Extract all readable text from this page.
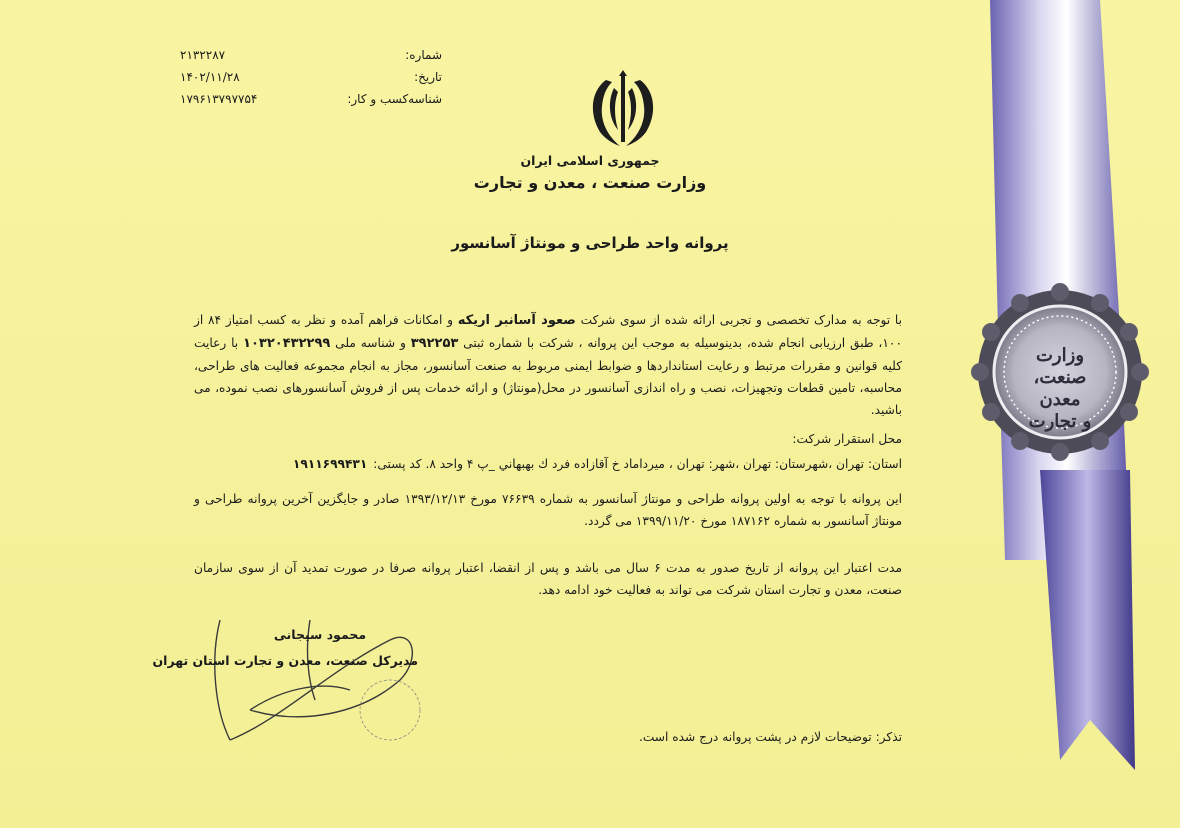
وزارت
صنعت، معدن
و تجارت
شماره:
۲۱۳۲۲۸۷
تاریخ:
۱۴۰۲/۱۱/۲۸
شناسه‌کسب و کار:
۱۷۹۶۱۳۷۹۷۷۵۴
جمهوری اسلامی ایران
وزارت صنعت ، معدن و تجارت
پروانه واحد طراحی و مونتاژ آسانسور
با توجه به مدارک تخصصی و تجربی ارائه شده از سوی شرکت صعود آسانبر اریکه و امکانات فراهم آمده و نظر به کسب امتیاز ۸۴ از ۱۰۰، طبق ارزیابی انجام شده، بدینوسیله به موجب این پروانه ، شرکت با شماره ثبتی ۳۹۲۲۵۳ و شناسه ملی ۱۰۳۲۰۴۳۲۲۹۹ با رعایت کلیه قوانین و مقررات مرتبط و رعایت استانداردها و ضوابط ایمنی مربوط به صنعت آسانسور، مجاز به انجام مجموعه فعالیت های طراحی، محاسبه، تامین قطعات وتجهیزات، نصب و راه اندازی آسانسور در محل(مونتاژ) و ارائه خدمات پس از فروش آسانسورهای نصب نموده، می باشید.
محل استقرار شرکت:
استان: تهران ،شهرستان: تهران ،شهر: تهران ، ميرداماد خ آقازاده فرد ك بهبهاني _پ ۴ واحد ۸. كد پستی:۱۹۱۱۶۹۹۴۳۱
این پروانه با توجه به اولین پروانه طراحی و مونتاژ آسانسور به شماره ۷۶۶۳۹ مورخ ۱۳۹۳/۱۲/۱۳ صادر و جایگزین آخرین پروانه طراحی و مونتاژ آسانسور به شماره ۱۸۷۱۶۲ مورخ ۱۳۹۹/۱۱/۲۰ می گردد.
مدت اعتبار این پروانه از تاریخ صدور به مدت ۶ سال می باشد و پس از انقضا، اعتبار پروانه صرفا در صورت تمدید آن از سوی سازمان صنعت، معدن و تجارت استان شرکت می تواند به فعالیت خود ادامه دهد.
محمود سیجانی
مدیرکل صنعت، معدن و تجارت استان تهران
تذکر: توضیحات لازم در پشت پروانه درج شده است.
